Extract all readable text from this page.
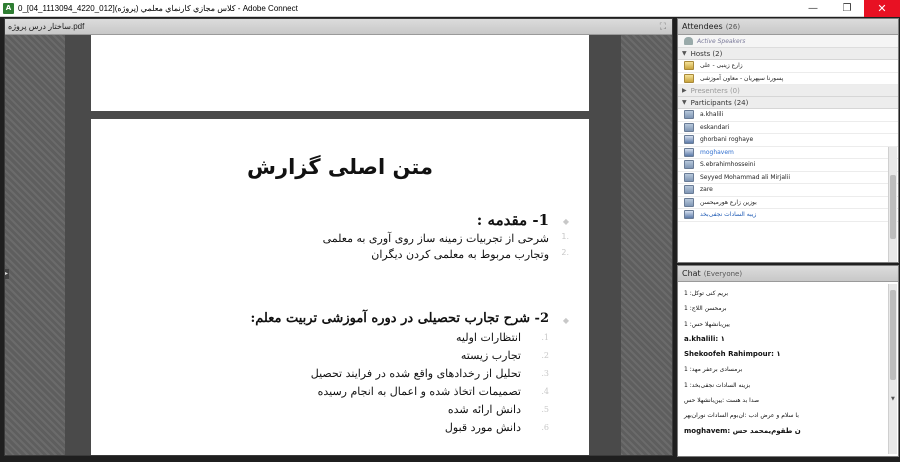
A 0_[04_1113094_4220_012](كلاس مجازي كارنماي معلمي (پروژه - Adobe Connect	—	❐	✕
ساختار درس پروژه.pdf	⛶
متن اصلی گزارش
1- مقدمه : ◆
شرحی از تجربیات زمینه ساز روی آوری به معلمی
وتجارب مربوط به معلمی کردن دیگران
1.
2.
2- شرح تجارب تحصیلی در دوره آموزشی تربیت معلم: ◆
انتظارات اولیه	1.
تجارب زیسته	2.
تحلیل از رخدادهای واقع شده در فرایند تحصیل	3.
تصمیمات اتخاذ شده و اعمال به انجام رسیده	4.
دانش ارائه شده	5.
دانش مورد قبول	6.
▸
Attendees (26)
Active Speakers
▼ Hosts (2)
زارع زینبی - علی
پسورنا سپهریان - معاون آموزشی
▶ Presenters (0)
▼ Participants (24)
a.khalili
eskandari
ghorbani roghaye
moghavem
S.ebrahimhosseini
Seyyed Mohammad ali Mirjalii
zare
بوزین زارع هورمیحسن
زیبه السادات نجفی‌بخد
Chat (Everyone)
1 :بریم کنی توکل
1 :برمحسن اللاج
1 :یین‌بانشهلا حس
a.khalili: ۱
Shekoofeh Rahimpour: ۱
1 :برمسادی برعفر مهد
1 :بزینه السادات نجفی‌بخد
صدا بد هست :یین‌بانشهلا حس
با سلام و عرض ادب :ان‌بوم السادات نوران‌بهر
moghavem: ن طقوم‌یمحمد حس
▼
